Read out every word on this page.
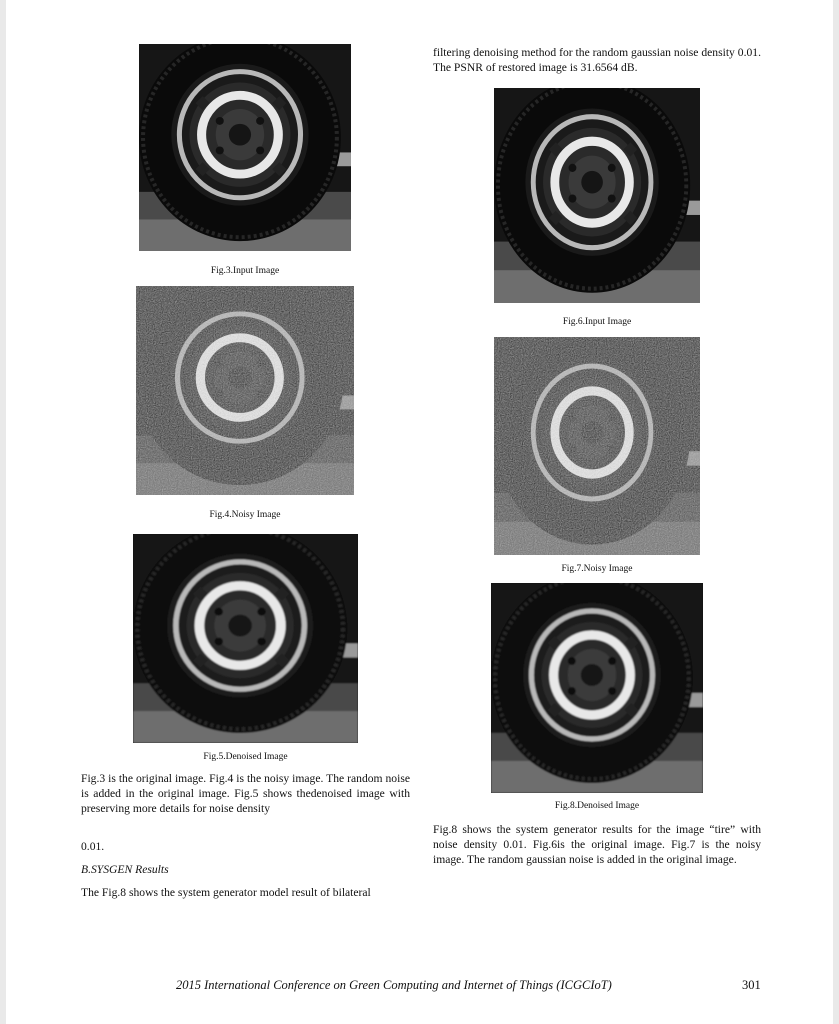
filtering denoising method for the random gaussian noise density 0.01. The PSNR of restored image is 31.6564 dB.

Fig.3.Input Image
Fig.4.Noisy Image
Fig.5.Denoised Image
Fig.6.Input Image
Fig.7.Noisy Image
Fig.8.Denoised Image

Fig.3 is the original image. Fig.4 is the noisy image. The random noise is added in the original image. Fig.5 shows thedenoised image with preserving more details for noise density

0.01.

B.SYSGEN Results

The Fig.8 shows the system generator model result of bilateral

Fig.8 shows the system generator results for the image “tire” with noise density 0.01. Fig.6is the original image. Fig.7 is the noisy image. The random gaussian noise is added in the original image.

2015 International Conference on Green Computing and Internet of Things (ICGCIoT)	301
